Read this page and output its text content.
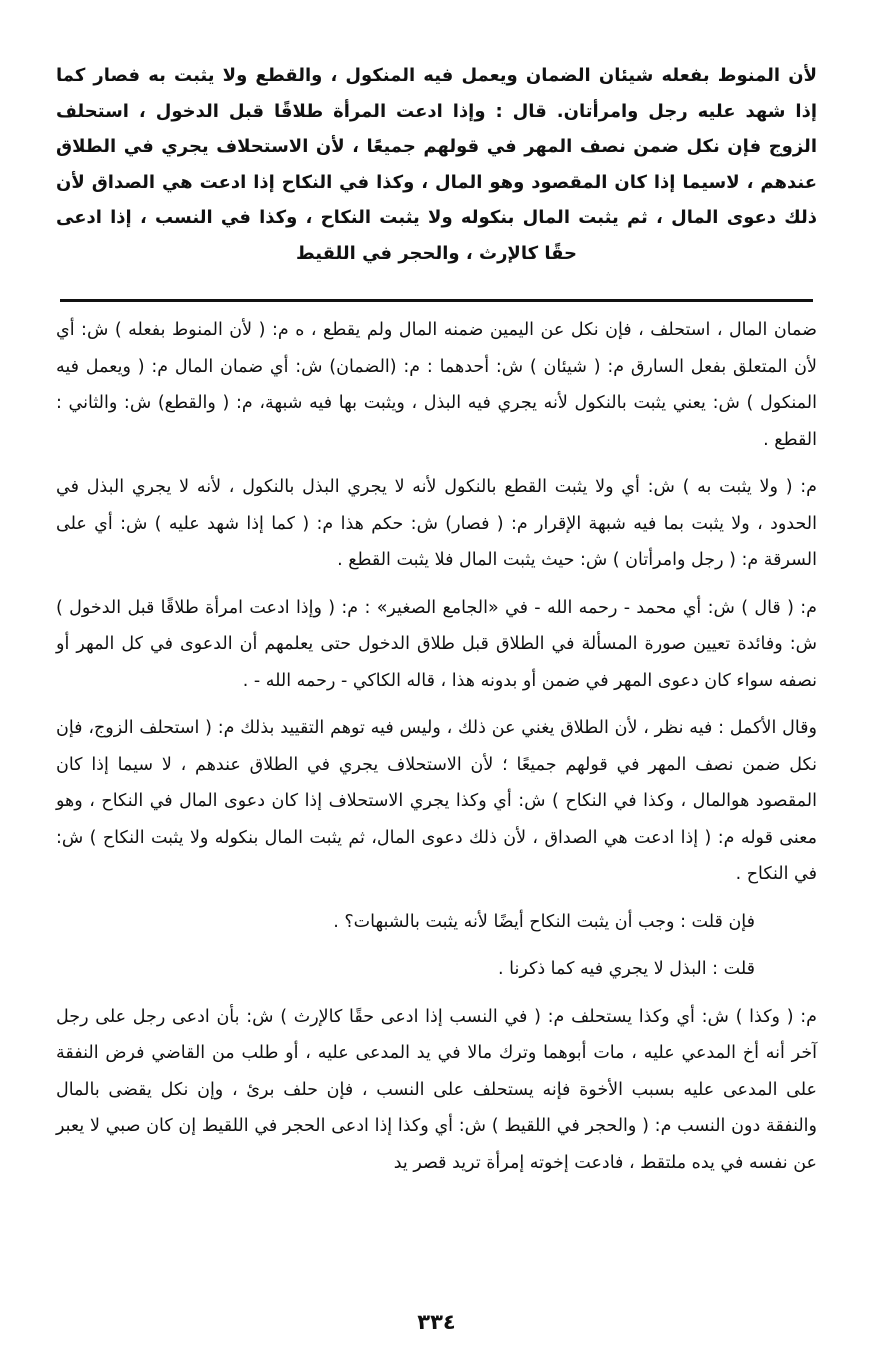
لأن المنوط بفعله شيئان الضمان ويعمل فيه المنكول ، والقطع ولا يثبت به فصار كما إذا شهد عليه رجل وامرأتان. قال : وإذا ادعت المرأة طلاقًا قبل الدخول ، استحلف الزوج فإن نكل ضمن نصف المهر في قولهم جميعًا ، لأن الاستحلاف يجري في الطلاق عندهم ، لاسيما إذا كان المقصود وهو المال ، وكذا في النكاح إذا ادعت هي الصداق لأن ذلك دعوى المال ، ثم يثبت المال بنكوله ولا يثبت النكاح ، وكذا في النسب ، إذا ادعى حقًا كالإرث ، والحجر في اللقيط

ضمان المال ، استحلف ، فإن نكل عن اليمين ضمنه المال ولم يقطع ، ه م: ( لأن المنوط بفعله ) ش: أي لأن المتعلق بفعل السارق م: ( شيئان ) ش: أحدهما : م: (الضمان) ش: أي ضمان المال م: ( ويعمل فيه المنكول ) ش: يعني يثبت بالنكول لأنه يجري فيه البذل ، ويثبت بها فيه شبهة، م: ( والقطع) ش: والثاني : القطع .

م: ( ولا يثبت به ) ش: أي ولا يثبت القطع بالنكول لأنه لا يجري البذل بالنكول ، لأنه لا يجري البذل في الحدود ، ولا يثبت بما فيه شبهة الإقرار م: ( فصار) ش: حكم هذا م: ( كما إذا شهد عليه ) ش: أي على السرقة م: ( رجل وامرأتان ) ش: حيث يثبت المال فلا يثبت القطع .

م: ( قال ) ش: أي محمد - رحمه الله - في «الجامع الصغير» : م: ( وإذا ادعت امرأة طلاقًا قبل الدخول ) ش: وفائدة تعيين صورة المسألة في الطلاق قبل طلاق الدخول حتى يعلمهم أن الدعوى في كل المهر أو نصفه سواء كان دعوى المهر في ضمن أو بدونه هذا ، قاله الكاكي - رحمه الله - .

وقال الأكمل : فيه نظر ، لأن الطلاق يغني عن ذلك ، وليس فيه توهم التقييد بذلك م: ( استحلف الزوج، فإن نكل ضمن نصف المهر في قولهم جميعًا ؛ لأن الاستحلاف يجري في الطلاق عندهم ، لا سيما إذا كان المقصود هوالمال ، وكذا في النكاح ) ش: أي وكذا يجري الاستحلاف إذا كان دعوى المال في النكاح ، وهو معنى قوله م: ( إذا ادعت هي الصداق ، لأن ذلك دعوى المال، ثم يثبت المال بنكوله ولا يثبت النكاح ) ش: في النكاح .

فإن قلت : وجب أن يثبت النكاح أيضًا لأنه يثبت بالشبهات؟ .

قلت : البذل لا يجري فيه كما ذكرنا .

م: ( وكذا ) ش: أي وكذا يستحلف م: ( في النسب إذا ادعى حقًا كالإرث ) ش: بأن ادعى رجل على رجل آخر أنه أخ المدعي عليه ، مات أبوهما وترك مالا في يد المدعى عليه ، أو طلب من القاضي فرض النفقة على المدعى عليه بسبب الأخوة فإنه يستحلف على النسب ، فإن حلف برئ ، وإن نكل يقضى بالمال والنفقة دون النسب م: ( والحجر في اللقيط ) ش: أي وكذا إذا ادعى الحجر في اللقيط إن كان صبي لا يعبر عن نفسه في يده ملتقط ، فادعت إخوته إمرأة تريد قصر يد

٣٣٤
